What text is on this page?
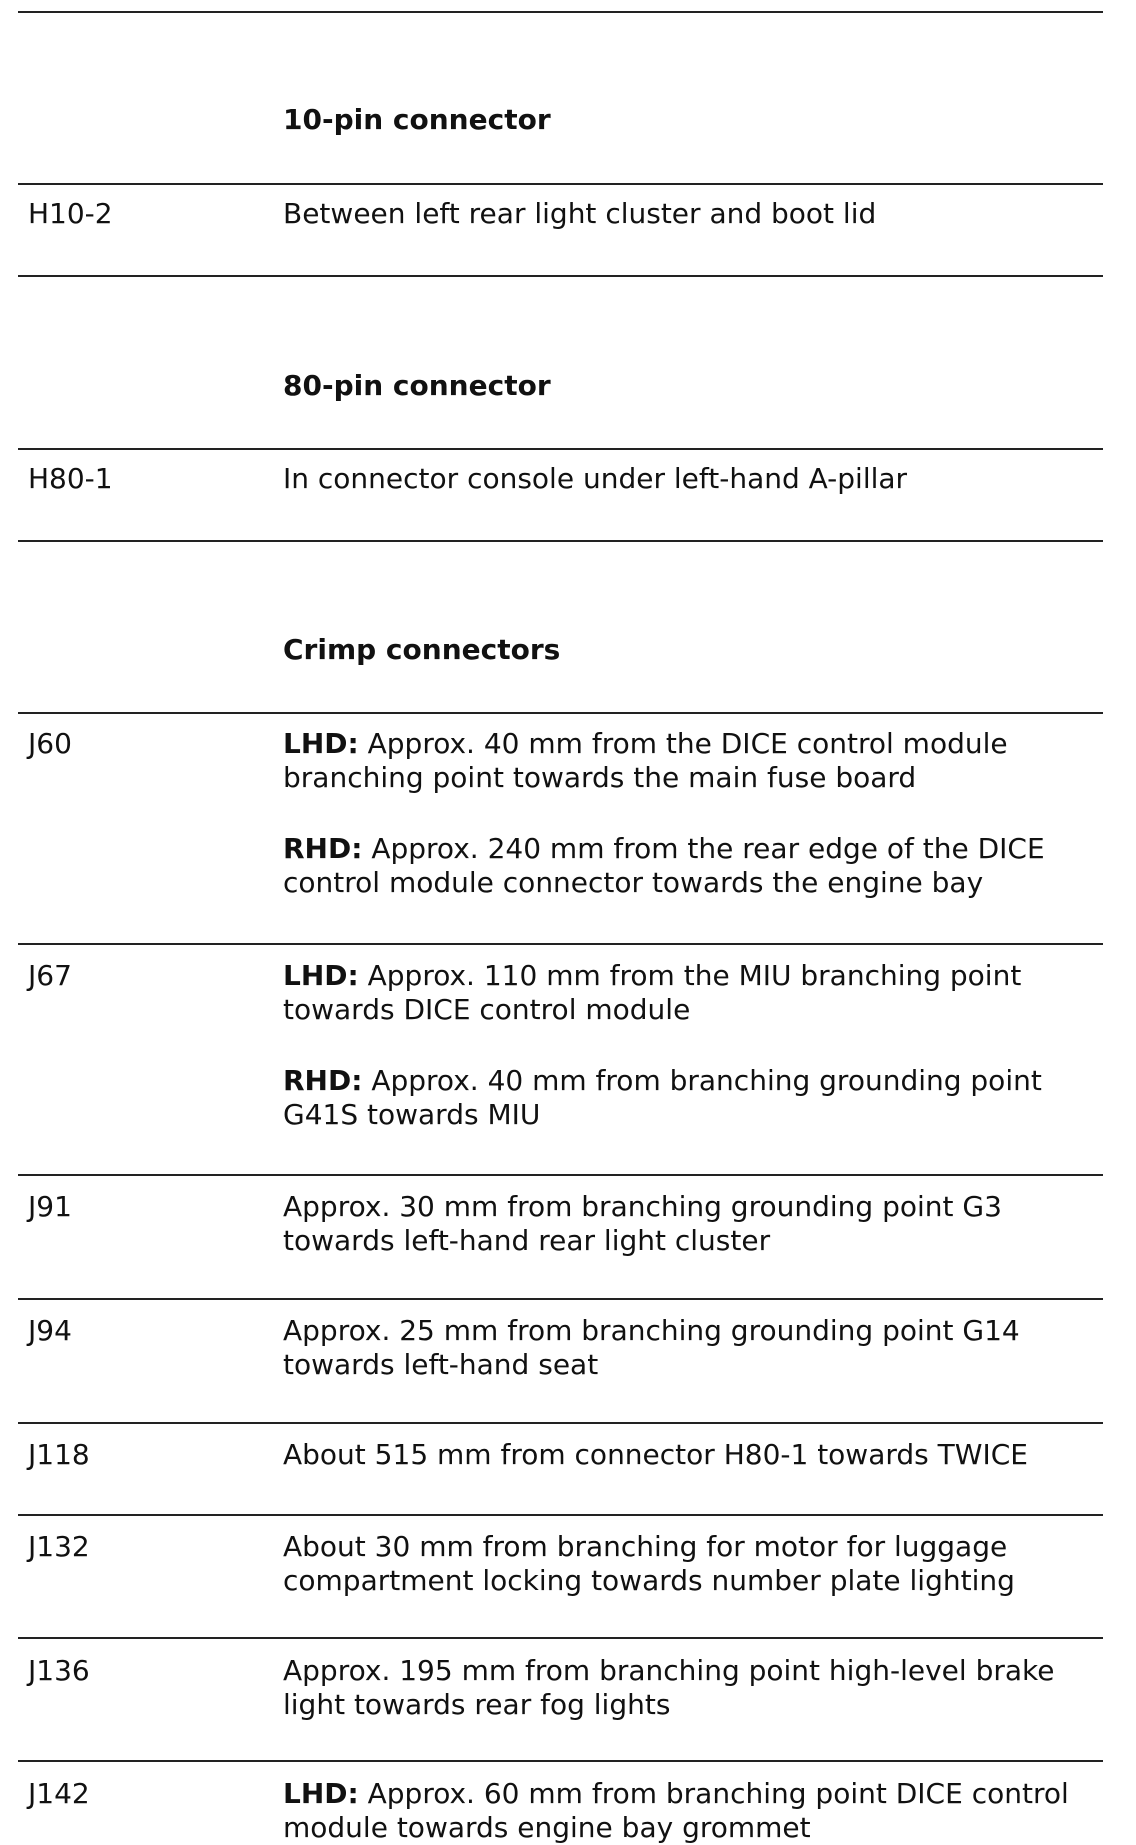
10-pin connector
H10-2	Between left rear light cluster and boot lid
80-pin connector
H80-1	In connector console under left-hand A-pillar
Crimp connectors
J60	LHD: Approx. 40 mm from the DICE control module branching point towards the main fuse board
RHD: Approx. 240 mm from the rear edge of the DICE control module connector towards the engine bay
J67	LHD: Approx. 110 mm from the MIU branching point towards DICE control module
RHD: Approx. 40 mm from branching grounding point G41S towards MIU
J91	Approx. 30 mm from branching grounding point G3 towards left-hand rear light cluster
J94	Approx. 25 mm from branching grounding point G14 towards left-hand seat
J118	About 515 mm from connector H80-1 towards TWICE
J132	About 30 mm from branching for motor for luggage compartment locking towards number plate lighting
J136	Approx. 195 mm from branching point high-level brake light towards rear fog lights
J142	LHD: Approx. 60 mm from branching point DICE control module towards engine bay grommet
